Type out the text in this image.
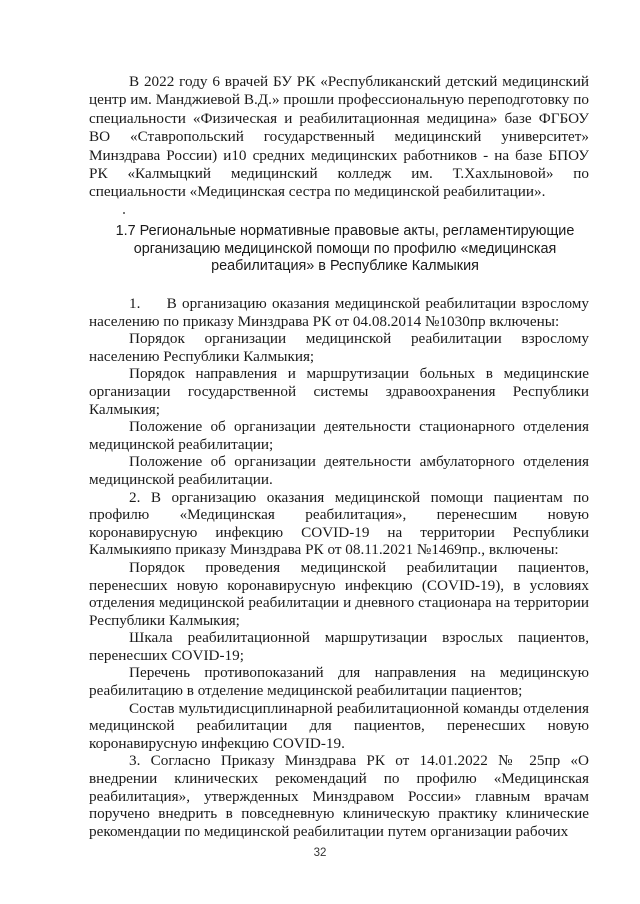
В 2022 году 6 врачей БУ РК «Республиканский детский медицинский центр им. Манджиевой В.Д.» прошли профессиональную переподготовку по специальности «Физическая и реабилитационная медицина» базе ФГБОУ ВО «Ставропольский государственный медицинский университет» Минздрава России) и10 средних медицинских работников - на базе БПОУ РК «Калмыцкий медицинский колледж им. Т.Хахлыновой» по специальности «Медицинская сестра по медицинской реабилитации».

1.7 Региональные нормативные правовые акты, регламентирующие организацию медицинской помощи по профилю «медицинская реабилитация» в Республике Калмыкия

1.     В организацию оказания медицинской реабилитации взрослому населению по приказу Минздрава РК от 04.08.2014 №1030пр включены:

Порядок организации медицинской реабилитации взрослому населению Республики Калмыкия;

Порядок направления и маршрутизации больных в медицинские организации государственной системы здравоохранения Республики Калмыкия;

Положение об организации деятельности стационарного отделения медицинской реабилитации;

Положение об организации деятельности амбулаторного отделения медицинской реабилитации.

2. В организацию оказания медицинской помощи пациентам по профилю «Медицинская реабилитация», перенесшим новую коронавирусную инфекцию COVID-19 на территории Республики Калмыкияпо приказу Минздрава РК от 08.11.2021 №1469пр., включены:

Порядок проведения медицинской реабилитации пациентов, перенесших новую коронавирусную инфекцию (COVID-19), в условиях отделения медицинской реабилитации и дневного стационара на территории Республики Калмыкия;

Шкала реабилитационной маршрутизации взрослых пациентов, перенесших COVID-19;

Перечень противопоказаний для направления на медицинскую реабилитацию в отделение медицинской реабилитации пациентов;

Состав мультидисциплинарной реабилитационной команды отделения медицинской реабилитации для пациентов, перенесших новую коронавирусную инфекцию COVID-19.

3. Согласно Приказу Минздрава РК от 14.01.2022 № 25пр «О внедрении клинических рекомендаций по профилю «Медицинская реабилитация», утвержденных Минздравом России» главным врачам поручено внедрить в повседневную клиническую практику клинические рекомендации по медицинской реабилитации путем организации рабочих

32
